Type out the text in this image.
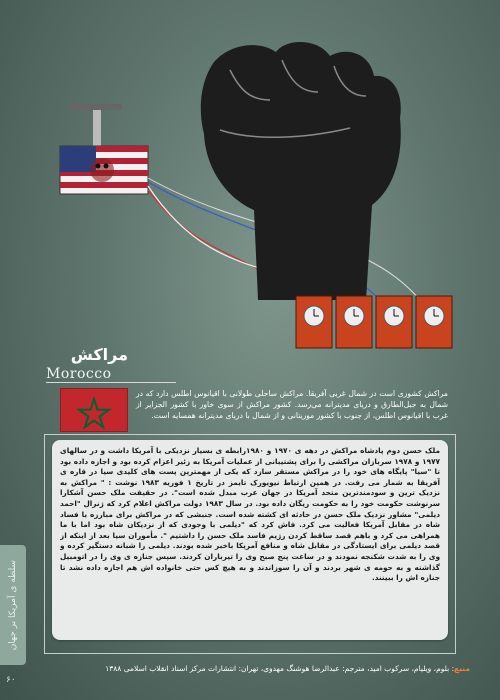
مراکش
Morocco
مراکش کشوری است در شمال غربی آفریقا. مراکش ساحلی طولانی با اقیانوس اطلس دارد که در شمال به جبل‌الطارق و دریای مدیترانه می‌رسد. کشور مراکش از سوی خاور با کشور الجزایر از غرب با اقیانوس اطلس، از جنوب با کشور موریتانی و از شمال با دریای مدیترانه همسایه است.
ملک حسن دوم پادشاه مراکش در دهه ی ۱۹۷۰ و ۱۹۸۰رابطه ی بسیار نزدیکی با آمریکا داشت و در سالهای ۱۹۷۷ و ۱۹۷۸ سربازان مراکشی را برای پشتیبانی از عملیات آمریکا به زئیر اعزام کرده بود و اجازه داده بود تا "سیا" پایگاه های خود را در مراکش مستقر سازد که یکی از مهمترین پست های کلیدی سیا در قاره ی آفریقا به شمار می رفت. در همین ارتباط نیویورک تایمز در تاریخ ۱ فوریه ۱۹۸۳ نوشت : " مراکش به نزدیک ترین و سودمندترین متحد آمریکا در جهان عرب مبدل شده است". در حقیقت ملک حسن آشکارا سرنوشت حکومت خود را به حکومت ریگان داده بود. در سال ۱۹۸۳ دولت مراکش اعلام کرد که ژنرال "احمد دیلمی" مشاور نزدیک ملک حسن در حادثه ای کشته شده است. جنبشی که در مراکش برای مبارزه با فساد شاه در مقابل آمریکا فعالیت می کرد. فاش کرد که "دیلمی با وجودی که از نزدیکان شاه بود اما با ما همراهی می کرد و باهم قصد ساقط کردن رژیم فاسد ملک حسن را داشتیم ". مأموران سیا بعد از اینکه از قصد دیلمی برای ایستادگی در مقابل شاه و منافع آمریکا باخبر شده بودند. دیلمی را شبانه دستگیر کرده و وی را به شدت شکنجه نمودند و در ساعت پنج صبح وی را تیرباران کردند. سپس جنازه ی وی را در اتومبیل گذاشته و به حومه ی شهر بردند و آن را سوزاندند و به هیچ کس حتی خانواده اش هم اجازه داده نشد تا جنازه اش را ببینند.
منبع: بلوم، ویلیام، سرکوب امید، مترجم: عبدالرضا هوشنگ مهدوی، تهران: انتشارات مرکز اسناد انقلاب اسلامی ۱۳۸۸
سلطه ی آمریکا بر جهان
۶۰
